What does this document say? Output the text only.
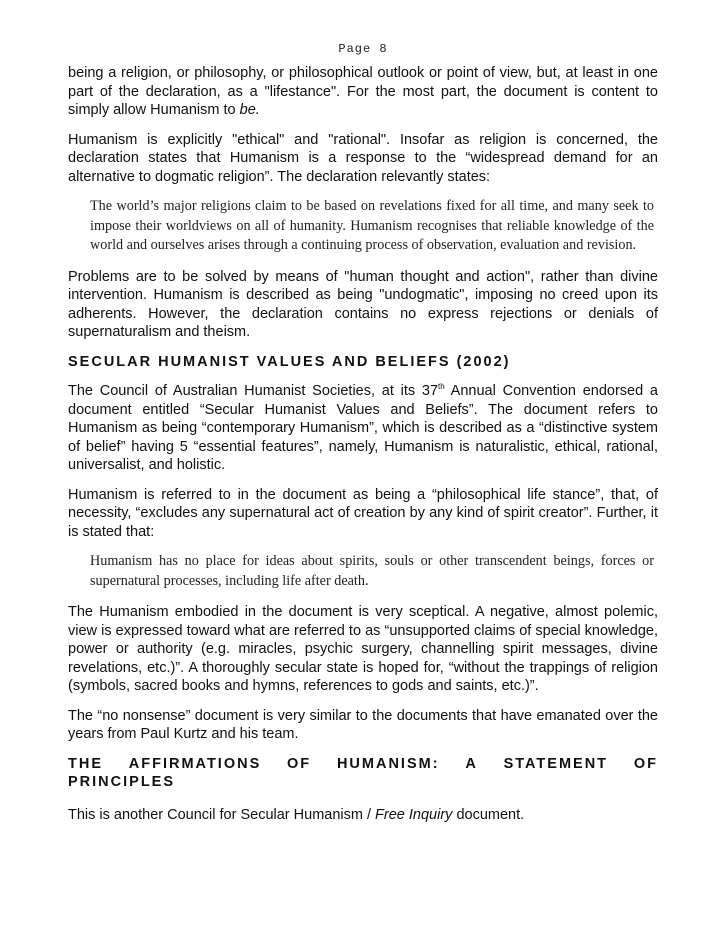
Page 8

being a religion, or philosophy, or philosophical outlook or point of view, but, at least in one part of the declaration, as a "lifestance". For the most part, the document is content to simply allow Humanism to be.

Humanism is explicitly "ethical" and "rational". Insofar as religion is concerned, the declaration states that Humanism is a response to the “widespread demand for an alternative to dogmatic religion”. The declaration relevantly states:

The world’s major religions claim to be based on revelations fixed for all time, and many seek to impose their worldviews on all of humanity. Humanism recognises that reliable knowledge of the world and ourselves arises through a continuing process of observation, evaluation and revision.

Problems are to be solved by means of "human thought and action", rather than divine intervention. Humanism is described as being "undogmatic", imposing no creed upon its adherents. However, the declaration contains no express rejections or denials of supernaturalism and theism.

SECULAR HUMANIST VALUES AND BELIEFS (2002)

The Council of Australian Humanist Societies, at its 37th Annual Convention endorsed a document entitled “Secular Humanist Values and Beliefs”. The document refers to Humanism as being “contemporary Humanism”, which is described as a “distinctive system of belief” having 5 “essential features”, namely, Humanism is naturalistic, ethical, rational, universalist, and holistic.

Humanism is referred to in the document as being a “philosophical life stance”, that, of necessity, “excludes any supernatural act of creation by any kind of spirit creator”. Further, it is stated that:

Humanism has no place for ideas about spirits, souls or other transcendent beings, forces or supernatural processes, including life after death.

The Humanism embodied in the document is very sceptical. A negative, almost polemic, view is expressed toward what are referred to as “unsupported claims of special knowledge, power or authority (e.g. miracles, psychic surgery, channelling spirit messages, divine revelations, etc.)”. A thoroughly secular state is hoped for, “without the trappings of religion (symbols, sacred books and hymns, references to gods and saints, etc.)”.

The “no nonsense” document is very similar to the documents that have emanated over the years from Paul Kurtz and his team.

THE AFFIRMATIONS OF HUMANISM: A STATEMENT OF
PRINCIPLES

This is another Council for Secular Humanism / Free Inquiry document.
